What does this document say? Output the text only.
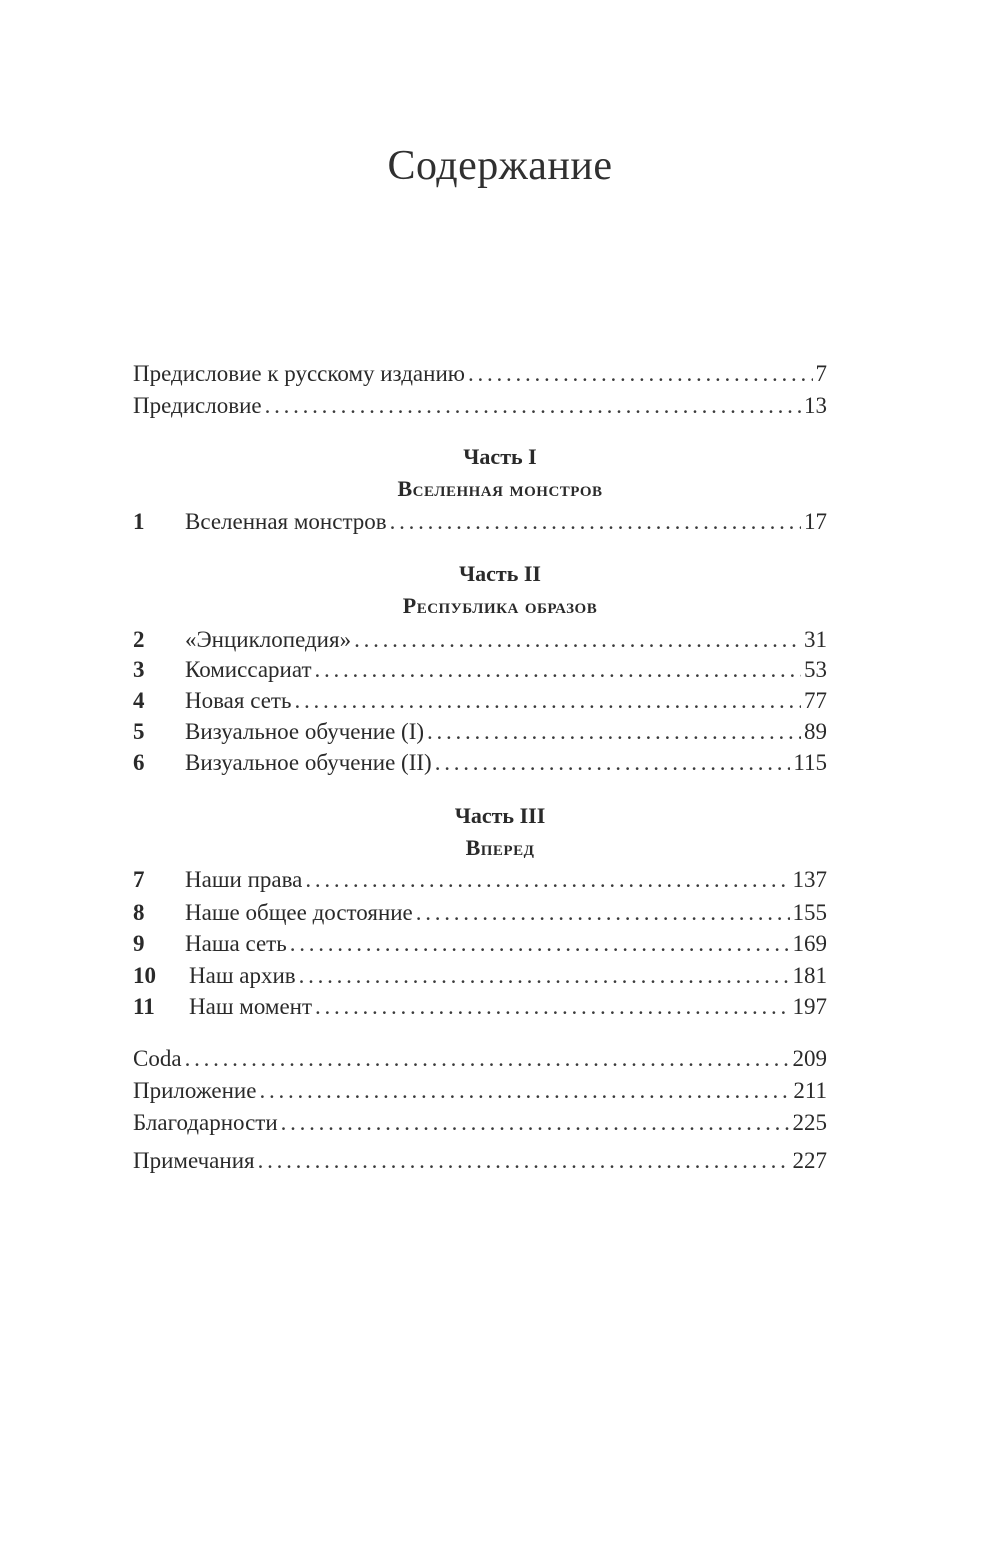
Содержание
Предисловие к русскому изданию . . .	7
Предисловие . . .	13
Часть I
Вселенная монстров
1	Вселенная монстров . . .	17
Часть II
Республика образов
2	«Энциклопедия» . . .	31
3	Комиссариат . . .	53
4	Новая сеть . . .	77
5	Визуальное обучение (I) . . .	89
6	Визуальное обучение (II) . . .	115
Часть III
Вперед
7	Наши права . . .	137
8	Наше общее достояние . . .	155
9	Наша сеть . . .	169
10	Наш архив . . .	181
11	Наш момент . . .	197
Coda . . .	209
Приложение . . .	211
Благодарности . . .	225
Примечания . . .	227
